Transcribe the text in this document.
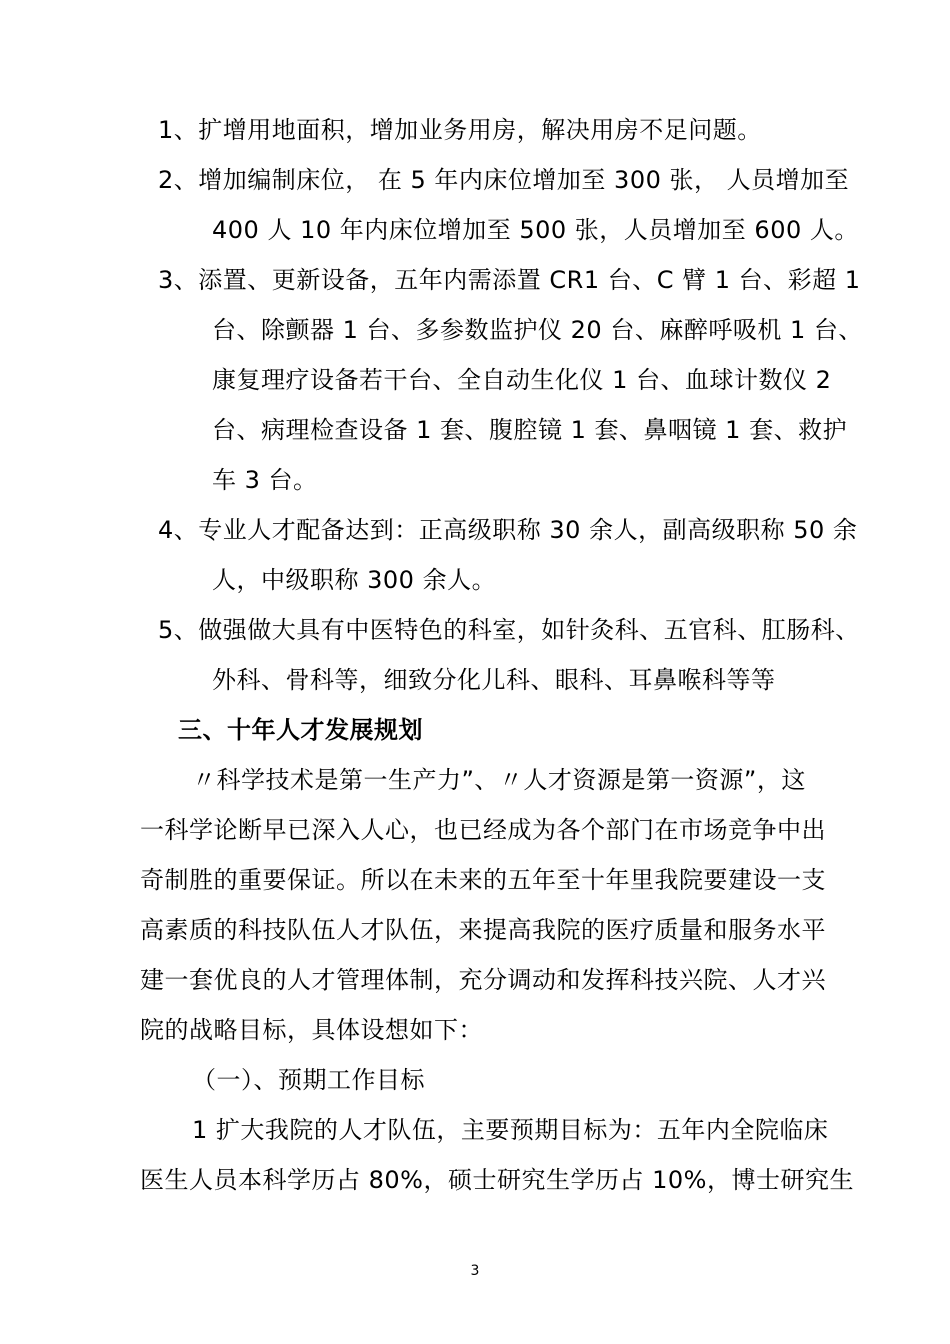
1、扩增用地面积，增加业务用房，解决用房不足问题。
2、增加编制床位， 在 5 年内床位增加至 300 张， 人员增加至
400 人 10 年内床位增加至 500 张，人员增加至 600 人。
3、添置、更新设备，五年内需添置 CR1 台、C 臂 1 台、彩超 1
台、除颤器 1 台、多参数监护仪 20 台、麻醉呼吸机 1 台、
康复理疗设备若干台、全自动生化仪 1 台、血球计数仪 2
台、病理检查设备 1 套、腹腔镜 1 套、鼻咽镜 1 套、救护
车 3 台。
4、专业人才配备达到：正高级职称 30 余人，副高级职称 50 余
人，中级职称 300 余人。
5、做强做大具有中医特色的科室，如针灸科、五官科、肛肠科、
外科、骨科等，细致分化儿科、眼科、耳鼻喉科等等
三、十年人才发展规划
〃科学技术是第一生产力”、〃人才资源是第一资源”，这
一科学论断早已深入人心，也已经成为各个部门在市场竞争中出
奇制胜的重要保证。所以在未来的五年至十年里我院要建设一支
高素质的科技队伍人才队伍，来提高我院的医疗质量和服务水平
建一套优良的人才管理体制，充分调动和发挥科技兴院、人才兴
院的战略目标，具体设想如下：
（一）、预期工作目标
1 扩大我院的人才队伍，主要预期目标为：五年内全院临床
医生人员本科学历占 80%，硕士研究生学历占 10%，博士研究生
3
